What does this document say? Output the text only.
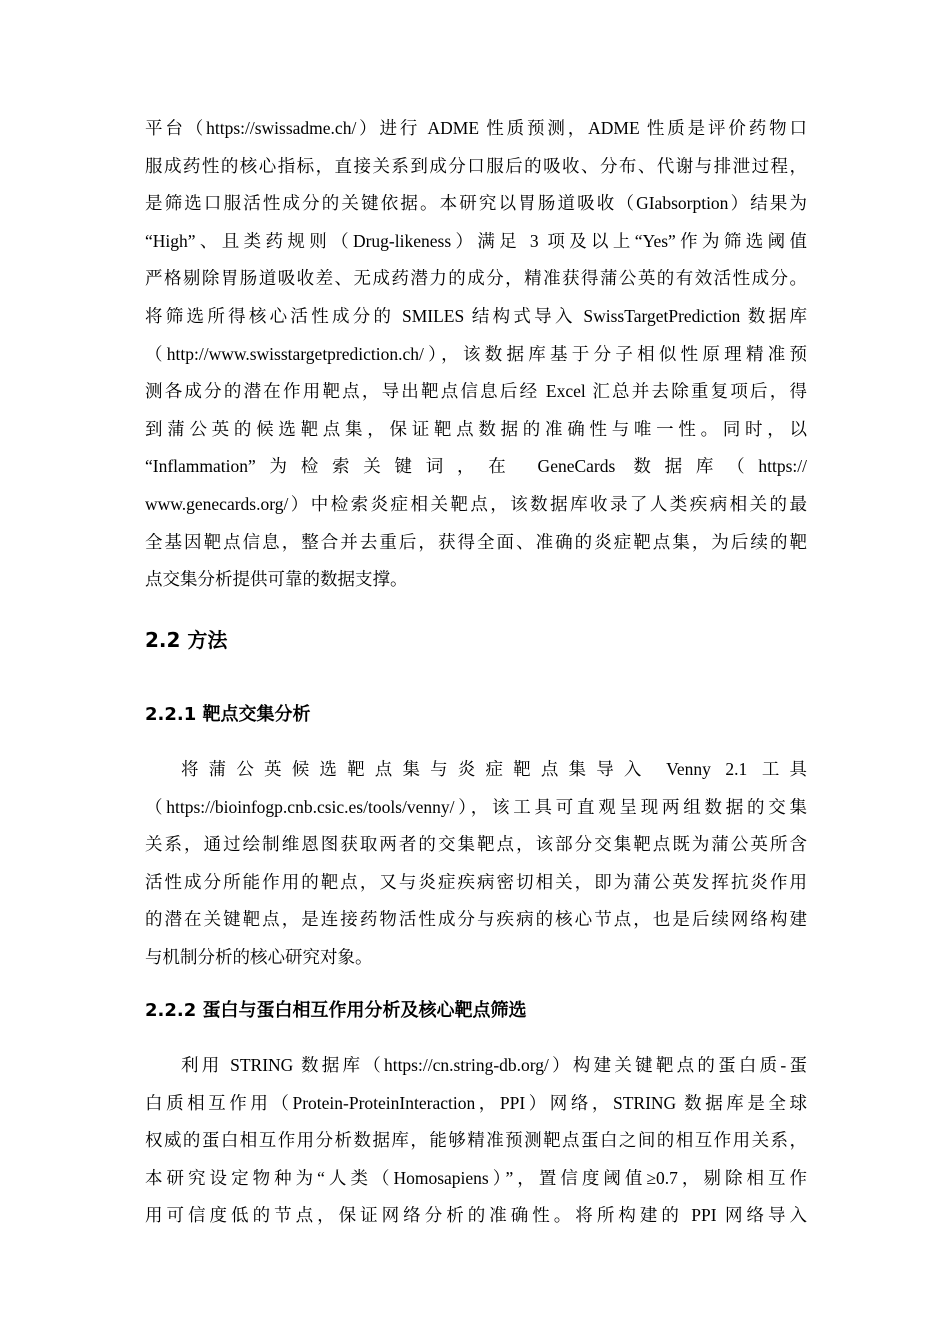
平台（https://swissadme.ch/）进行 ADME 性质预测，ADME 性质是评价药物口
服成药性的核心指标，直接关系到成分口服后的吸收、分布、代谢与排泄过程，
是筛选口服活性成分的关键依据。本研究以胃肠道吸收（GIabsorption）结果为
“High”、且类药规则（Drug-likeness）满足 3 项及以上“Yes”作为筛选阈值
严格剔除胃肠道吸收差、无成药潜力的成分，精准获得蒲公英的有效活性成分。
将筛选所得核心活性成分的 SMILES 结构式导入 SwissTargetPrediction 数据库
（http://www.swisstargetprediction.ch/），该数据库基于分子相似性原理精准预
测各成分的潜在作用靶点，导出靶点信息后经 Excel 汇总并去除重复项后，得
到蒲公英的候选靶点集，保证靶点数据的准确性与唯一性。同时，以
“Inflammation”为检索关键词，在 GeneCards 数据库（https://
www.genecards.org/）中检索炎症相关靶点，该数据库收录了人类疾病相关的最
全基因靶点信息，整合并去重后，获得全面、准确的炎症靶点集，为后续的靶
点交集分析提供可靠的数据支撑。
2.2 方法
2.2.1 靶点交集分析
将蒲公英候选靶点集与炎症靶点集导入 Venny 2.1 工具
（https://bioinfogp.cnb.csic.es/tools/venny/），该工具可直观呈现两组数据的交集
关系，通过绘制维恩图获取两者的交集靶点，该部分交集靶点既为蒲公英所含
活性成分所能作用的靶点，又与炎症疾病密切相关，即为蒲公英发挥抗炎作用
的潜在关键靶点，是连接药物活性成分与疾病的核心节点，也是后续网络构建
与机制分析的核心研究对象。
2.2.2 蛋白与蛋白相互作用分析及核心靶点筛选
利用 STRING 数据库（https://cn.string-db.org/）构建关键靶点的蛋白质-蛋
白质相互作用（Protein-ProteinInteraction，PPI）网络，STRING 数据库是全球
权威的蛋白相互作用分析数据库，能够精准预测靶点蛋白之间的相互作用关系，
本研究设定物种为“人类（Homosapiens）”，置信度阈值≥0.7，剔除相互作
用可信度低的节点，保证网络分析的准确性。将所构建的 PPI 网络导入
